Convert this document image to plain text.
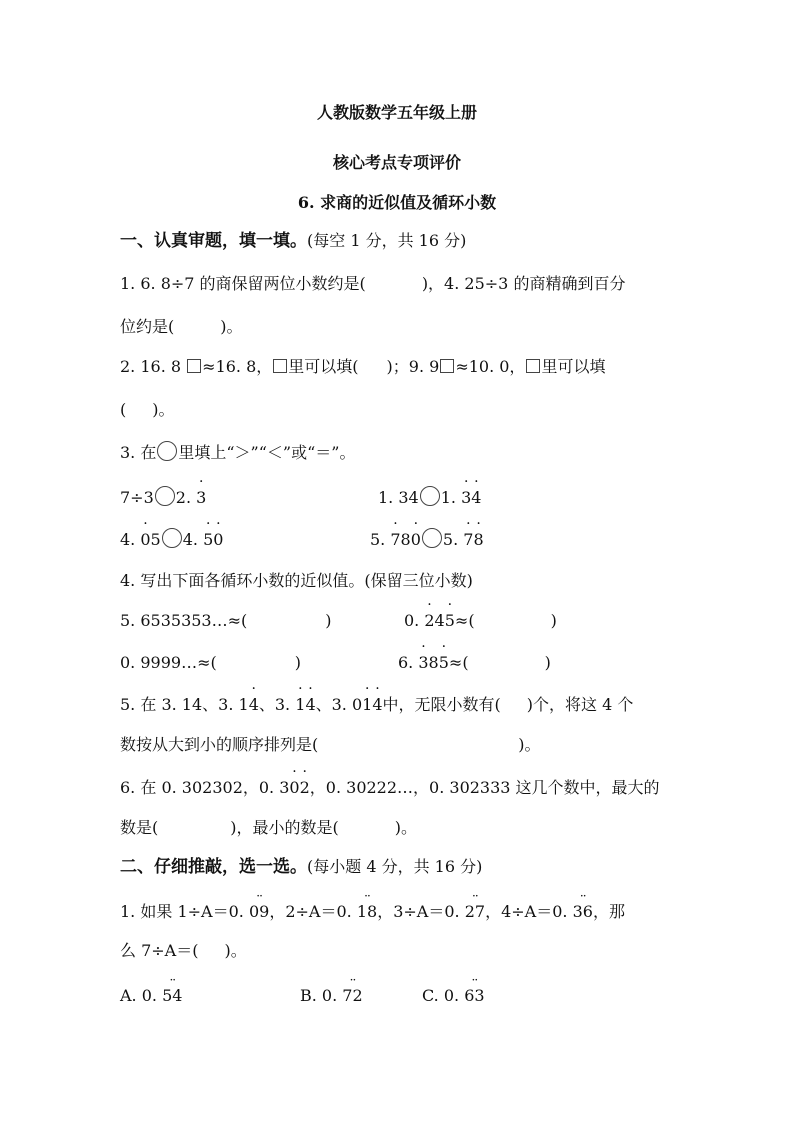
人教版数学五年级上册
核心考点专项评价
6. 求商的近似值及循环小数
一、认真审题，填一填。(每空 1 分，共 16 分)
1. 6. 8÷7 的商保留两位小数约是(	)，4. 25÷3 的商精确到百分
位约是(	)。
2. 16. 8 ≈16. 8， 里可以填( )；9. 9 ≈10. 0， 里可以填
( )。
3. 在 里填上“＞”“＜”或“＝”。
7÷3 2. · 3	1. 34 1. · 3· 4
4. · 05 4. · 5· 0	5. · 78· 0 5. · 7· 8
4. 写出下面各循环小数的近似值。(保留三位小数)
5. 6535353…≈(	)	0. · 24· 5≈(	)
0. 9999…≈(	)	6. · 38· 5≈(	)
5. 在 3. 14、3. 1· 4、3. · 1· 4、3. 0· 1· 4中，无限小数有( )个，将这 4 个
数按从大到小的顺序排列是(	)。
6. 在 0. 302302，0. 3· 0· 2，0. 30222…，0. 302333 这几个数中，最大的
数是(	)，最小的数是(	)。
二、仔细推敲，选一选。(每小题 4 分，共 16 分)
1. 如果 1÷A＝0. ·· 09，2÷A＝0. ·· 18，3÷A＝0. ·· 27，4÷A＝0. ·· 36，那
么 7÷A＝( )。
A. 0. ·· 54	B. 0. ·· 72	C. 0. ·· 63
